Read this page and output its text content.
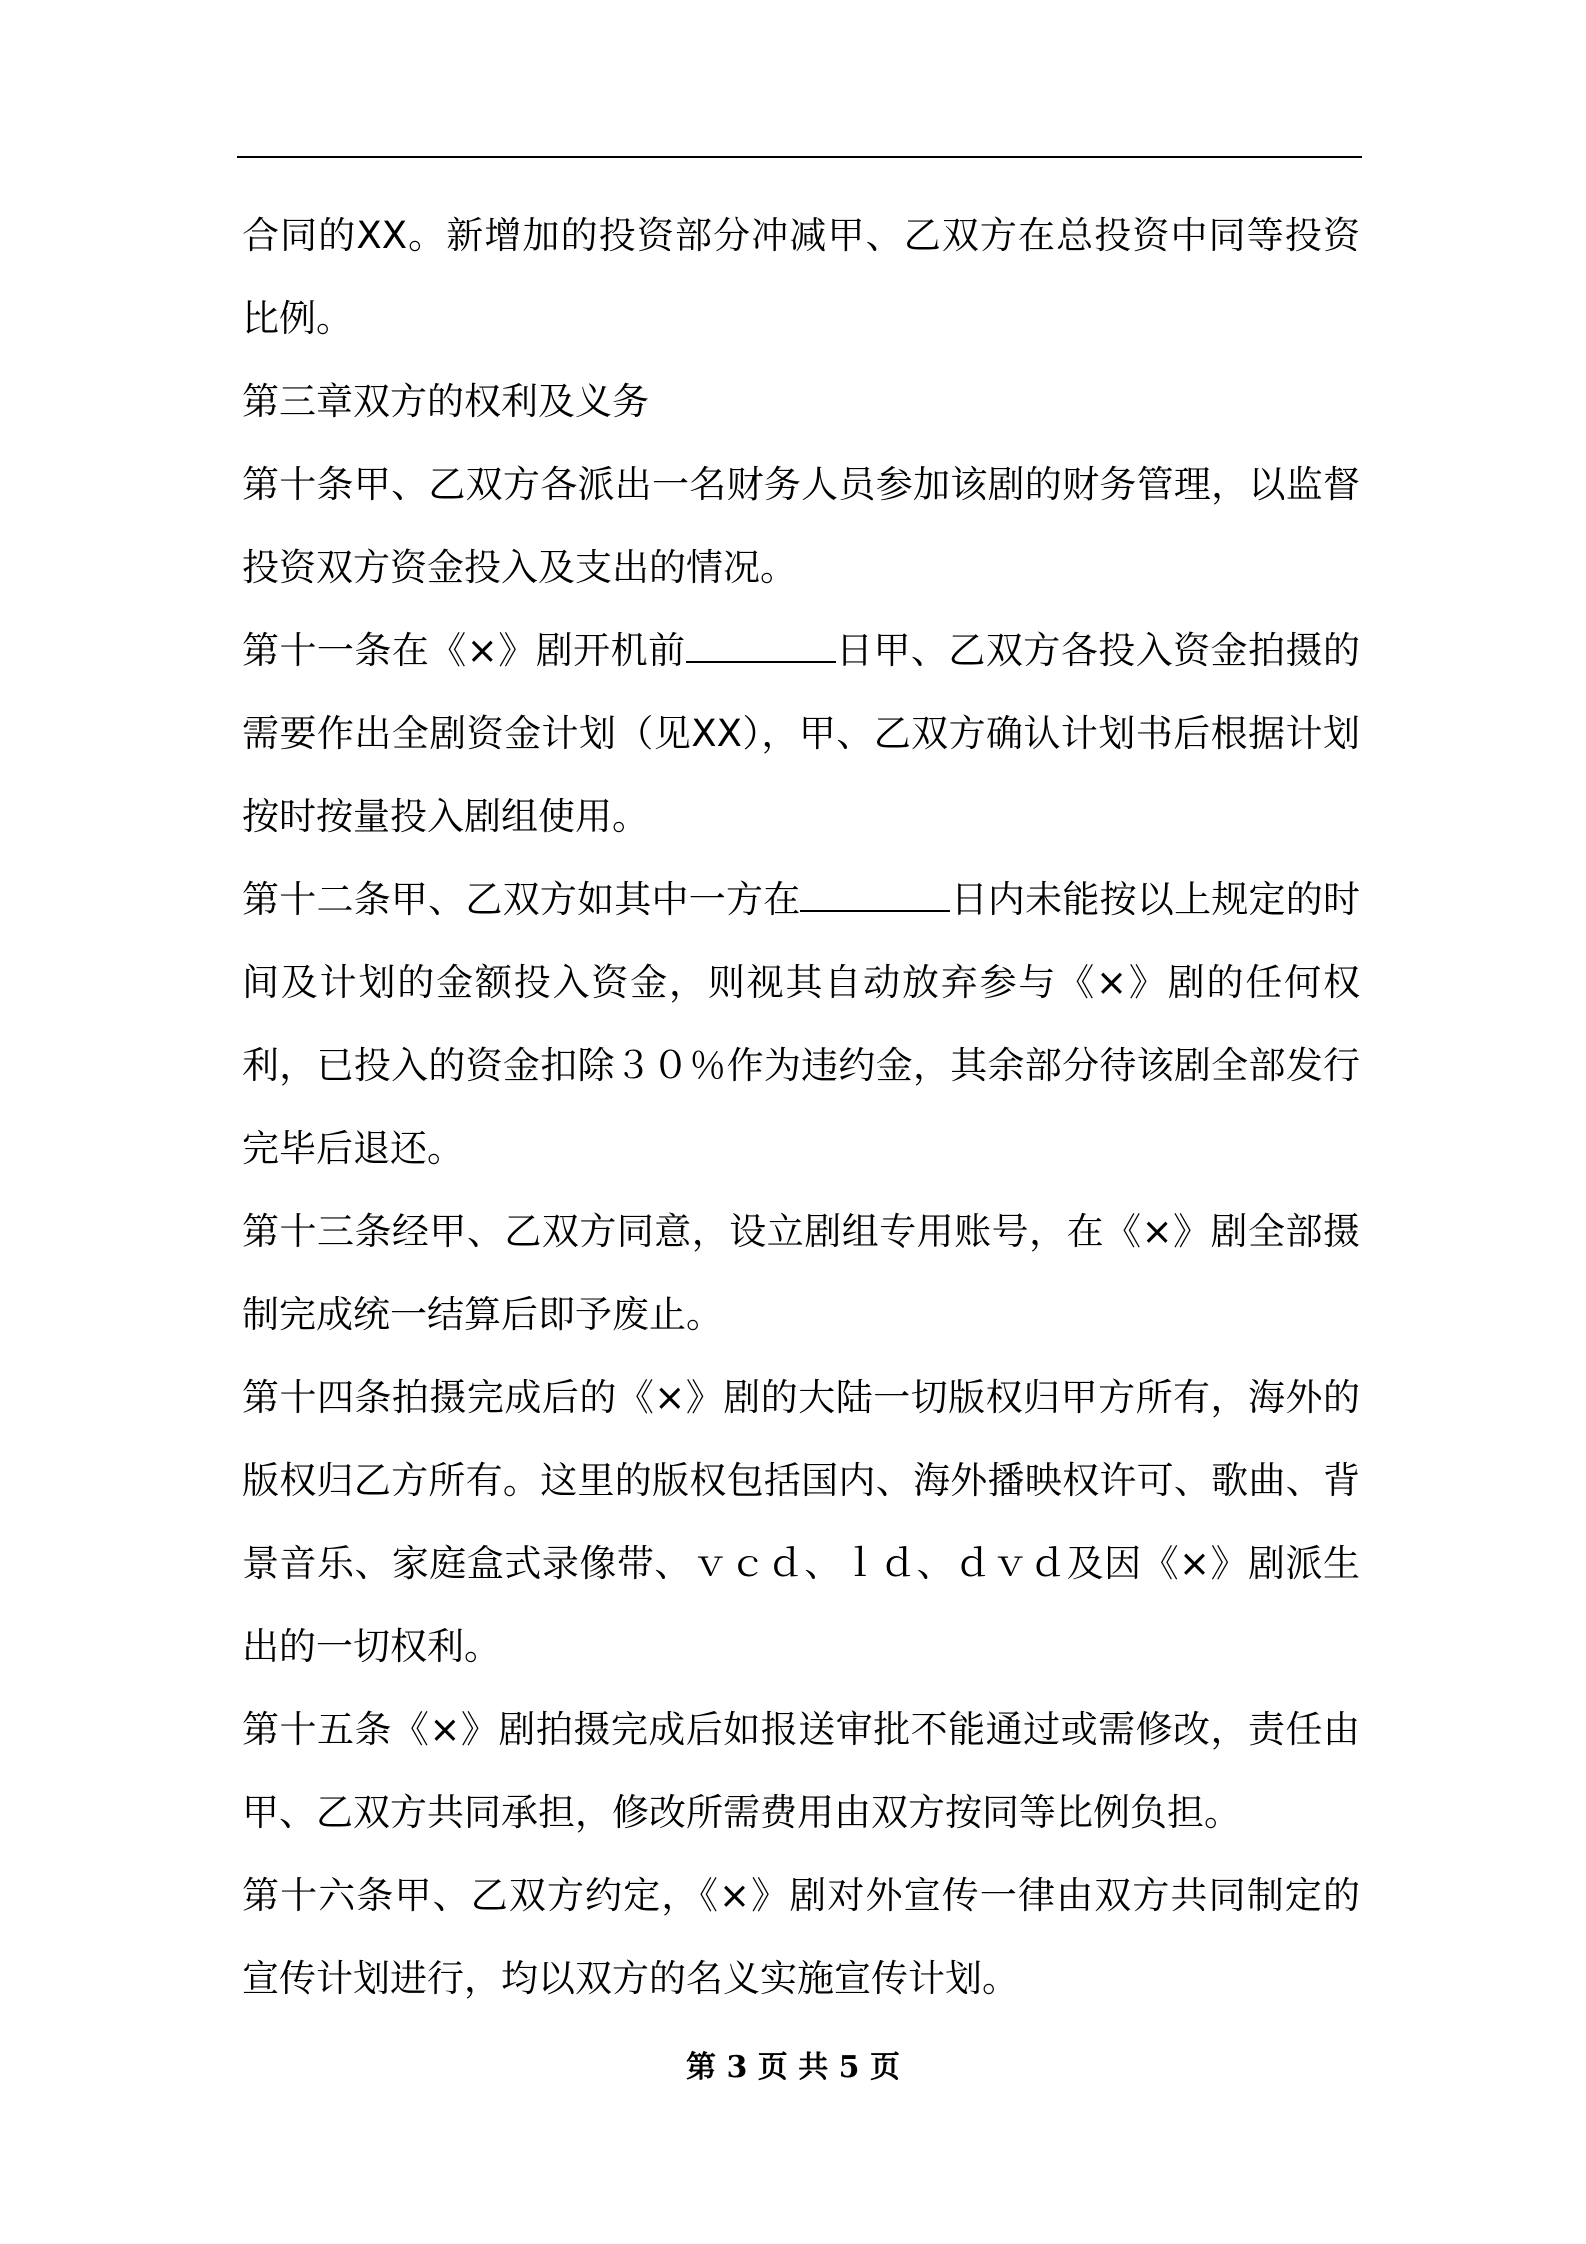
合同的XX。新增加的投资部分冲减甲、乙双方在总投资中同等投资比例。

第三章双方的权利及义务

第十条甲、乙双方各派出一名财务人员参加该剧的财务管理，以监督投资双方资金投入及支出的情况。

第十一条在《×》剧开机前	日甲、乙双方各投入资金拍摄的需要作出全剧资金计划（见XX），甲、乙双方确认计划书后根据计划按时按量投入剧组使用。

第十二条甲、乙双方如其中一方在	日内未能按以上规定的时间及计划的金额投入资金，则视其自动放弃参与《×》剧的任何权利，已投入的资金扣除３０％作为违约金，其余部分待该剧全部发行完毕后退还。

第十三条经甲、乙双方同意，设立剧组专用账号，在《×》剧全部摄制完成统一结算后即予废止。

第十四条拍摄完成后的《×》剧的大陆一切版权归甲方所有，海外的版权归乙方所有。这里的版权包括国内、海外播映权许可、歌曲、背景音乐、家庭盒式录像带、ｖｃｄ、ｌｄ、ｄｖｄ及因《×》剧派生出的一切权利。

第十五条《×》剧拍摄完成后如报送审批不能通过或需修改，责任由甲、乙双方共同承担，修改所需费用由双方按同等比例负担。

第十六条甲、乙双方约定，《×》剧对外宣传一律由双方共同制定的宣传计划进行，均以双方的名义实施宣传计划。

第 3 页 共 5 页
